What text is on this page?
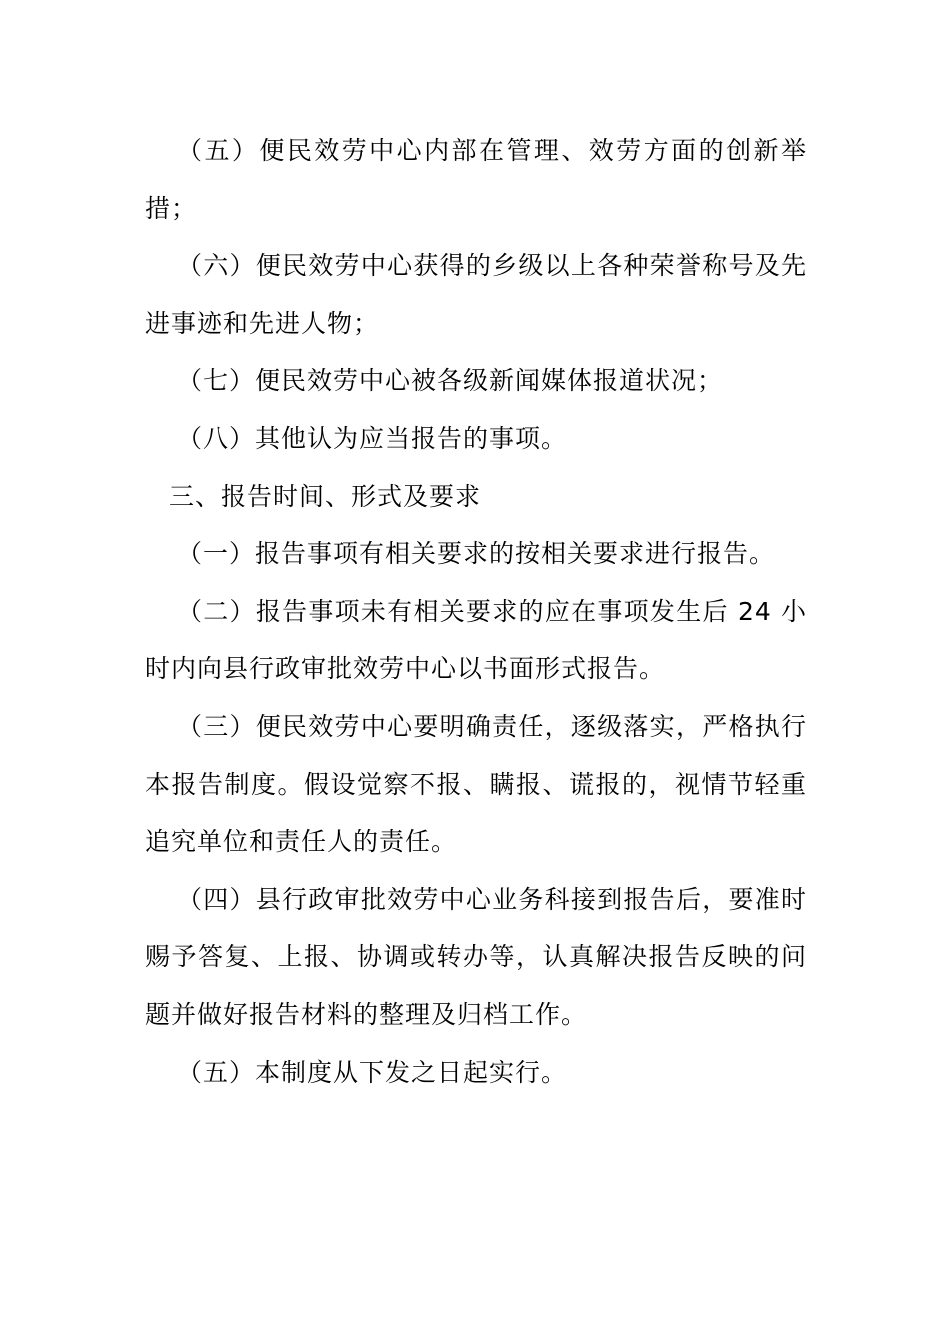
（五）便民效劳中心内部在管理、效劳方面的创新举措；

（六）便民效劳中心获得的乡级以上各种荣誉称号及先进事迹和先进人物；

（七）便民效劳中心被各级新闻媒体报道状况；

（八）其他认为应当报告的事项。

三、报告时间、形式及要求

（一）报告事项有相关要求的按相关要求进行报告。

（二）报告事项未有相关要求的应在事项发生后 24 小时内向县行政审批效劳中心以书面形式报告。

（三）便民效劳中心要明确责任，逐级落实，严格执行本报告制度。假设觉察不报、瞒报、谎报的，视情节轻重追究单位和责任人的责任。

（四）县行政审批效劳中心业务科接到报告后，要准时赐予答复、上报、协调或转办等，认真解决报告反映的问题并做好报告材料的整理及归档工作。

（五）本制度从下发之日起实行。
